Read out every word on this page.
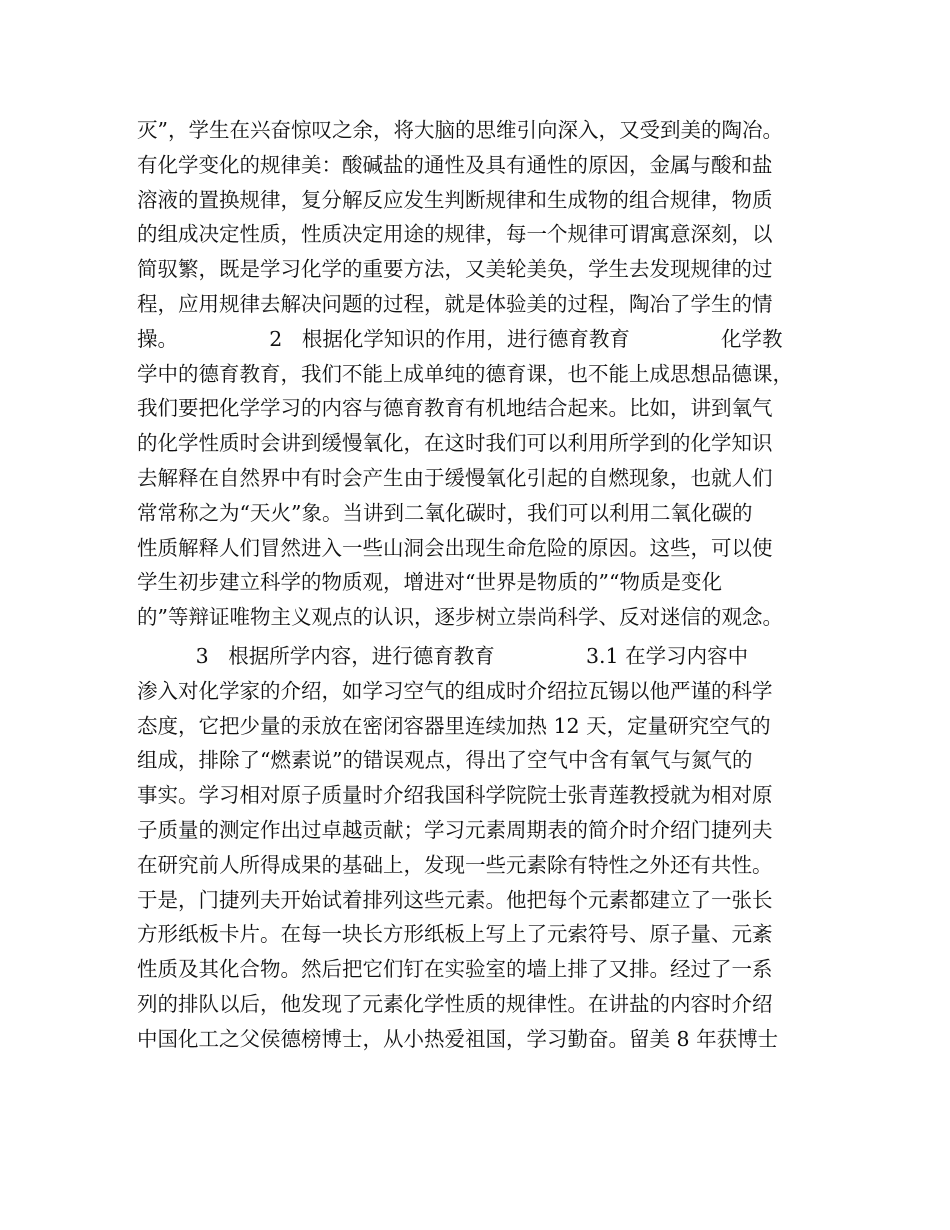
灭”，学生在兴奋惊叹之余，将大脑的思维引向深入，又受到美的陶冶。
有化学变化的规律美：酸碱盐的通性及具有通性的原因，金属与酸和盐
溶液的置换规律，复分解反应发生判断规律和生成物的组合规律，物质
的组成决定性质，性质决定用途的规律，每一个规律可谓寓意深刻，以
简驭繁，既是学习化学的重要方法，又美轮美奂，学生去发现规律的过
程，应用规律去解决问题的过程，就是体验美的过程，陶冶了学生的情
操。              2   根据化学知识的作用，进行德育教育              化学教
学中的德育教育，我们不能上成单纯的德育课，也不能上成思想品德课，
我们要把化学学习的内容与德育教育有机地结合起来。比如，讲到氧气
的化学性质时会讲到缓慢氧化，在这时我们可以利用所学到的化学知识
去解释在自然界中有时会产生由于缓慢氧化引起的自燃现象，也就人们
常常称之为“天火”象。当讲到二氧化碳时，我们可以利用二氧化碳的
性质解释人们冒然进入一些山洞会出现生命危险的原因。这些，可以使
学生初步建立科学的物质观，增进对“世界是物质的”“物质是变化
的”等辩证唯物主义观点的认识，逐步树立崇尚科学、反对迷信的观念。
3   根据所学内容，进行德育教育              3.1 在学习内容中
渗入对化学家的介绍，如学习空气的组成时介绍拉瓦锡以他严谨的科学
态度，它把少量的汞放在密闭容器里连续加热 12 天，定量研究空气的
组成，排除了“燃素说”的错误观点，得出了空气中含有氧气与氮气的
事实。学习相对原子质量时介绍我国科学院院士张青莲教授就为相对原
子质量的测定作出过卓越贡献；学习元素周期表的简介时介绍门捷列夫
在研究前人所得成果的基础上，发现一些元素除有特性之外还有共性。
于是，门捷列夫开始试着排列这些元素。他把每个元素都建立了一张长
方形纸板卡片。在每一块长方形纸板上写上了元索符号、原子量、元紊
性质及其化合物。然后把它们钉在实验室的墙上排了又排。经过了一系
列的排队以后，他发现了元素化学性质的规律性。在讲盐的内容时介绍
中国化工之父侯德榜博士，从小热爱祖国，学习勤奋。留美 8 年获博士
